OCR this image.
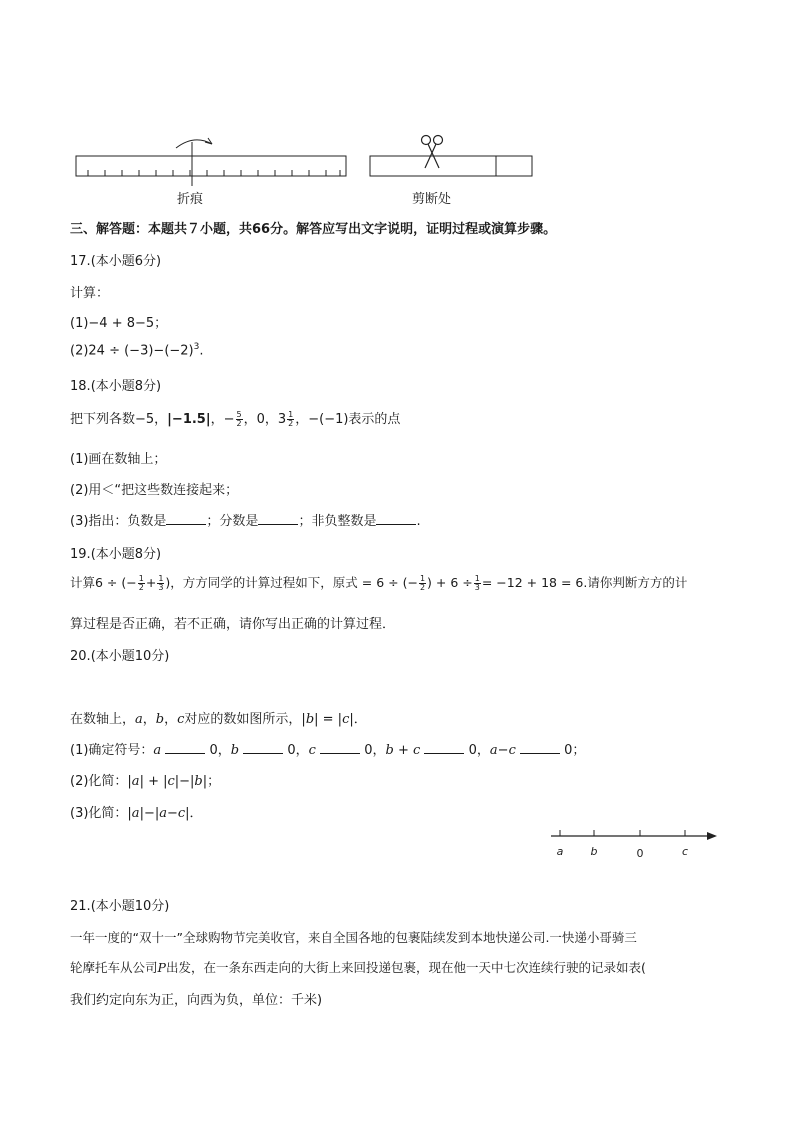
折痕	剪断处
三、解答题：本题共７小题，共66分。解答应写出文字说明，证明过程或演算步骤。
17.(本小题6分)
计算：
(1)−4 + 8−5；
$(2)24 \div (-3)-(-2)^3$.
18.(本小题8分)
把下列各数−5，|−1.5|，− $\frac{5}{2}$ ，0，$3 \frac{1}{2}$ ，−(−1)表示的点
(1)画在数轴上；
(2)用＜“把这些数连接起来；
(3)指出：负数是	；分数是	；非负整数是	.
19.(本小题8分)
计算6 ÷ (− $\frac{1}{2} + \frac{1}{3}$ )，方方同学的计算过程如下，原式 = 6 ÷ (− $\frac{1}{2}$ ) + $6 \div \frac{1}{3} = -12 + 18 = 6$.请你判断方方的计
算过程是否正确，若不正确，请你写出正确的计算过程．
20.(本小题10分)
在数轴上，a，b，c对应的数如图所示，|b| = |c|．
(1)确定符号：a	0，b	0，c	0，b + c	0，a−c	0；
(2)化简：|a| + |c|−|b|；
(3)化简：|a|−|a−c|．
a b	0	c
21.(本小题10分)
一年一度的“双十一”全球购物节完美收官，来自全国各地的包裹陆续发到本地快递公司.一快递小哥骑三
轮摩托车从公司P出发，在一条东西走向的大街上来回投递包裹，现在他一天中七次连续行驶的记录如表(
我们约定向东为正，向西为负，单位：千米)
